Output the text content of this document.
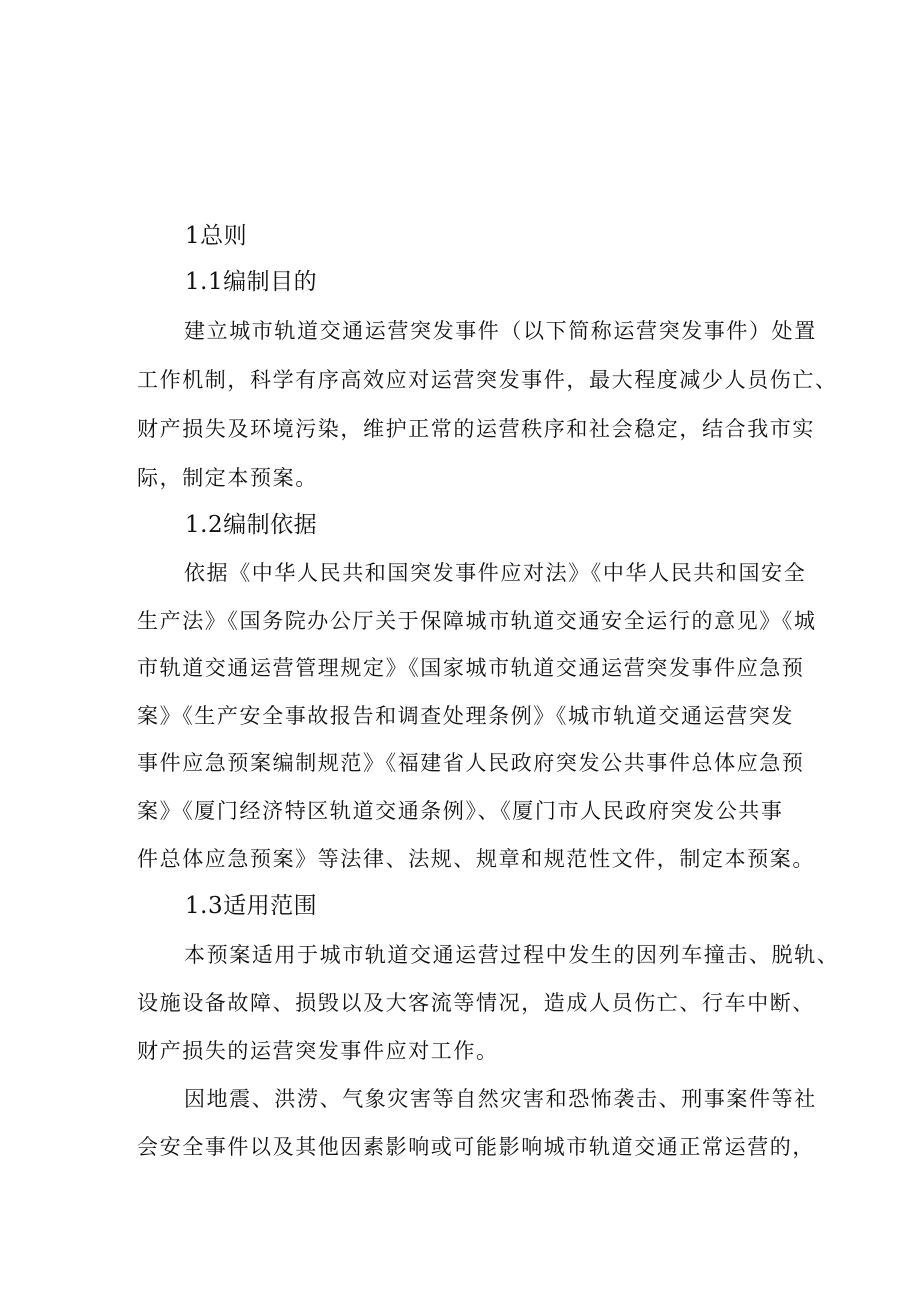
1总则
1.1编制目的
建立城市轨道交通运营突发事件（以下简称运营突发事件）处置
工作机制，科学有序高效应对运营突发事件，最大程度减少人员伤亡、
财产损失及环境污染，维护正常的运营秩序和社会稳定，结合我市实
际，制定本预案。
1.2编制依据
依据《中华人民共和国突发事件应对法》《中华人民共和国安全
生产法》《国务院办公厅关于保障城市轨道交通安全运行的意见》《城
市轨道交通运营管理规定》《国家城市轨道交通运营突发事件应急预
案》《生产安全事故报告和调查处理条例》《城市轨道交通运营突发
事件应急预案编制规范》《福建省人民政府突发公共事件总体应急预
案》《厦门经济特区轨道交通条例》、《厦门市人民政府突发公共事
件总体应急预案》等法律、法规、规章和规范性文件，制定本预案。
1.3适用范围
本预案适用于城市轨道交通运营过程中发生的因列车撞击、脱轨、
设施设备故障、损毁以及大客流等情况，造成人员伤亡、行车中断、
财产损失的运营突发事件应对工作。
因地震、洪涝、气象灾害等自然灾害和恐怖袭击、刑事案件等社
会安全事件以及其他因素影响或可能影响城市轨道交通正常运营的，
